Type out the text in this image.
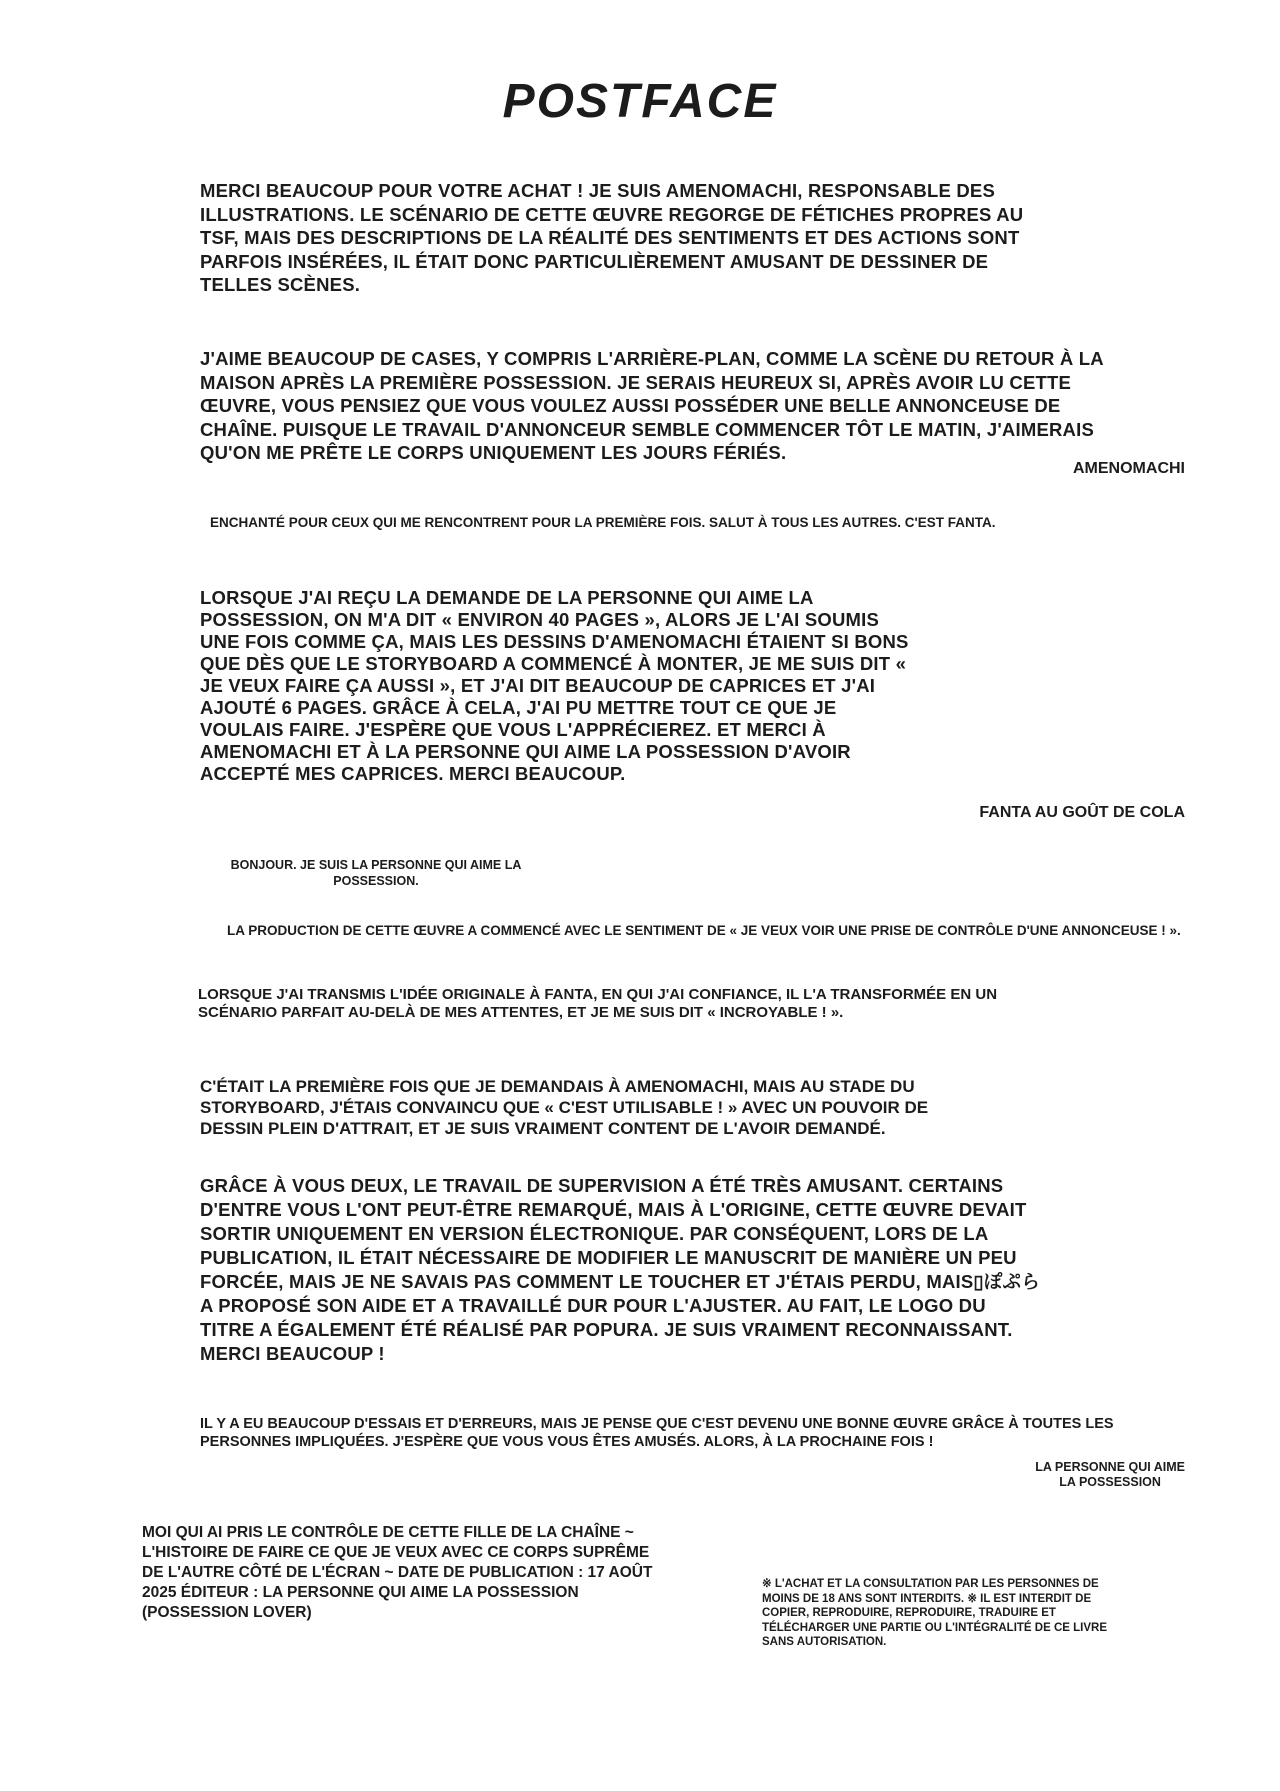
POSTFACE
MERCI BEAUCOUP POUR VOTRE ACHAT ! JE SUIS AMENOMACHI, RESPONSABLE DES
ILLUSTRATIONS. LE SCÉNARIO DE CETTE ŒUVRE REGORGE DE FÉTICHES PROPRES AU
TSF, MAIS DES DESCRIPTIONS DE LA RÉALITÉ DES SENTIMENTS ET DES ACTIONS SONT
PARFOIS INSÉRÉES, IL ÉTAIT DONC PARTICULIÈREMENT AMUSANT DE DESSINER DE
TELLES SCÈNES.
J'AIME BEAUCOUP DE CASES, Y COMPRIS L'ARRIÈRE-PLAN, COMME LA SCÈNE DU RETOUR À LA
MAISON APRÈS LA PREMIÈRE POSSESSION. JE SERAIS HEUREUX SI, APRÈS AVOIR LU CETTE
ŒUVRE, VOUS PENSIEZ QUE VOUS VOULEZ AUSSI POSSÉDER UNE BELLE ANNONCEUSE DE
CHAÎNE. PUISQUE LE TRAVAIL D'ANNONCEUR SEMBLE COMMENCER TÔT LE MATIN, J'AIMERAIS
QU'ON ME PRÊTE LE CORPS UNIQUEMENT LES JOURS FÉRIÉS.
AMENOMACHI
ENCHANTÉ POUR CEUX QUI ME RENCONTRENT POUR LA PREMIÈRE FOIS. SALUT À TOUS LES AUTRES. C'EST FANTA.
LORSQUE J'AI REÇU LA DEMANDE DE LA PERSONNE QUI AIME LA
POSSESSION, ON M'A DIT « ENVIRON 40 PAGES », ALORS JE L'AI SOUMIS
UNE FOIS COMME ÇA, MAIS LES DESSINS D'AMENOMACHI ÉTAIENT SI BONS
QUE DÈS QUE LE STORYBOARD A COMMENCÉ À MONTER, JE ME SUIS DIT «
JE VEUX FAIRE ÇA AUSSI », ET J'AI DIT BEAUCOUP DE CAPRICES ET J'AI
AJOUTÉ 6 PAGES. GRÂCE À CELA, J'AI PU METTRE TOUT CE QUE JE
VOULAIS FAIRE. J'ESPÈRE QUE VOUS L'APPRÉCIEREZ. ET MERCI À
AMENOMACHI ET À LA PERSONNE QUI AIME LA POSSESSION D'AVOIR
ACCEPTÉ MES CAPRICES. MERCI BEAUCOUP.
FANTA AU GOÛT DE COLA
BONJOUR. JE SUIS LA PERSONNE QUI AIME LA
POSSESSION.
LA PRODUCTION DE CETTE ŒUVRE A COMMENCÉ AVEC LE SENTIMENT DE « JE VEUX VOIR UNE PRISE DE CONTRÔLE D'UNE ANNONCEUSE ! ».
LORSQUE J'AI TRANSMIS L'IDÉE ORIGINALE À FANTA, EN QUI J'AI CONFIANCE, IL L'A TRANSFORMÉE EN UN
SCÉNARIO PARFAIT AU-DELÀ DE MES ATTENTES, ET JE ME SUIS DIT « INCROYABLE ! ».
C'ÉTAIT LA PREMIÈRE FOIS QUE JE DEMANDAIS À AMENOMACHI, MAIS AU STADE DU
STORYBOARD, J'ÉTAIS CONVAINCU QUE « C'EST UTILISABLE ! » AVEC UN POUVOIR DE
DESSIN PLEIN D'ATTRAIT, ET JE SUIS VRAIMENT CONTENT DE L'AVOIR DEMANDÉ.
GRÂCE À VOUS DEUX, LE TRAVAIL DE SUPERVISION A ÉTÉ TRÈS AMUSANT. CERTAINS
D'ENTRE VOUS L'ONT PEUT-ÊTRE REMARQUÉ, MAIS À L'ORIGINE, CETTE ŒUVRE DEVAIT
SORTIR UNIQUEMENT EN VERSION ÉLECTRONIQUE. PAR CONSÉQUENT, LORS DE LA
PUBLICATION, IL ÉTAIT NÉCESSAIRE DE MODIFIER LE MANUSCRIT DE MANIÈRE UN PEU
FORCÉE, MAIS JE NE SAVAIS PAS COMMENT LE TOUCHER ET J'ÉTAIS PERDU, MAIS▯ぽぷら
A PROPOSÉ SON AIDE ET A TRAVAILLÉ DUR POUR L'AJUSTER. AU FAIT, LE LOGO DU
TITRE A ÉGALEMENT ÉTÉ RÉALISÉ PAR POPURA. JE SUIS VRAIMENT RECONNAISSANT.
MERCI BEAUCOUP !
IL Y A EU BEAUCOUP D'ESSAIS ET D'ERREURS, MAIS JE PENSE QUE C'EST DEVENU UNE BONNE ŒUVRE GRÂCE À TOUTES LES
PERSONNES IMPLIQUÉES. J'ESPÈRE QUE VOUS VOUS ÊTES AMUSÉS. ALORS, À LA PROCHAINE FOIS !
LA PERSONNE QUI AIME
LA POSSESSION
MOI QUI AI PRIS LE CONTRÔLE DE CETTE FILLE DE LA CHAÎNE ~
L'HISTOIRE DE FAIRE CE QUE JE VEUX AVEC CE CORPS SUPRÊME
DE L'AUTRE CÔTÉ DE L'ÉCRAN ~ DATE DE PUBLICATION : 17 AOÛT
2025 ÉDITEUR : LA PERSONNE QUI AIME LA POSSESSION
(POSSESSION LOVER)
※ L'ACHAT ET LA CONSULTATION PAR LES PERSONNES DE
MOINS DE 18 ANS SONT INTERDITS. ※ IL EST INTERDIT DE
COPIER, REPRODUIRE, REPRODUIRE, TRADUIRE ET
TÉLÉCHARGER UNE PARTIE OU L'INTÉGRALITÉ DE CE LIVRE
SANS AUTORISATION.
